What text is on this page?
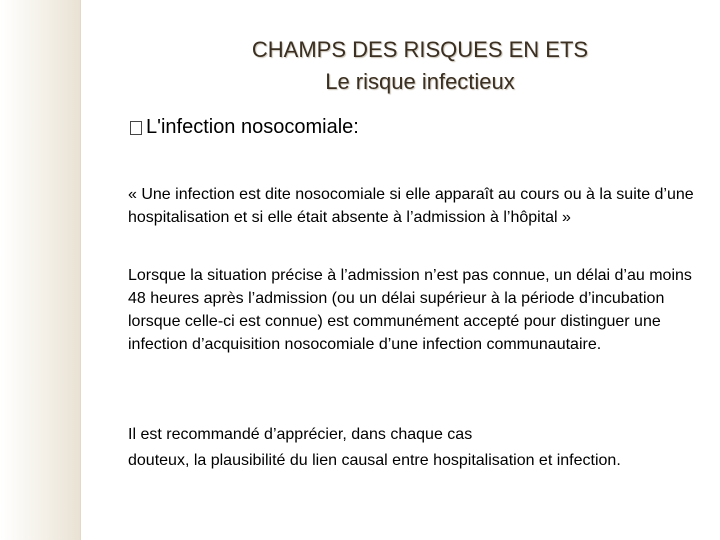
CHAMPS DES RISQUES EN ETS
Le risque infectieux
L'infection nosocomiale:

« Une infection est dite nosocomiale si elle apparaît au cours ou à la suite d’une hospitalisation et si elle était absente à l’admission à l’hôpital »

Lorsque la situation précise à l’admission n’est pas connue, un délai d’au moins 48 heures après l’admission (ou un délai supérieur à la période d’incubation lorsque celle-ci est connue) est communément accepté pour distinguer une infection d’acquisition nosocomiale d’une infection communautaire.

Il est recommandé d’apprécier, dans chaque cas

douteux, la plausibilité du lien causal entre hospitalisation et infection.
